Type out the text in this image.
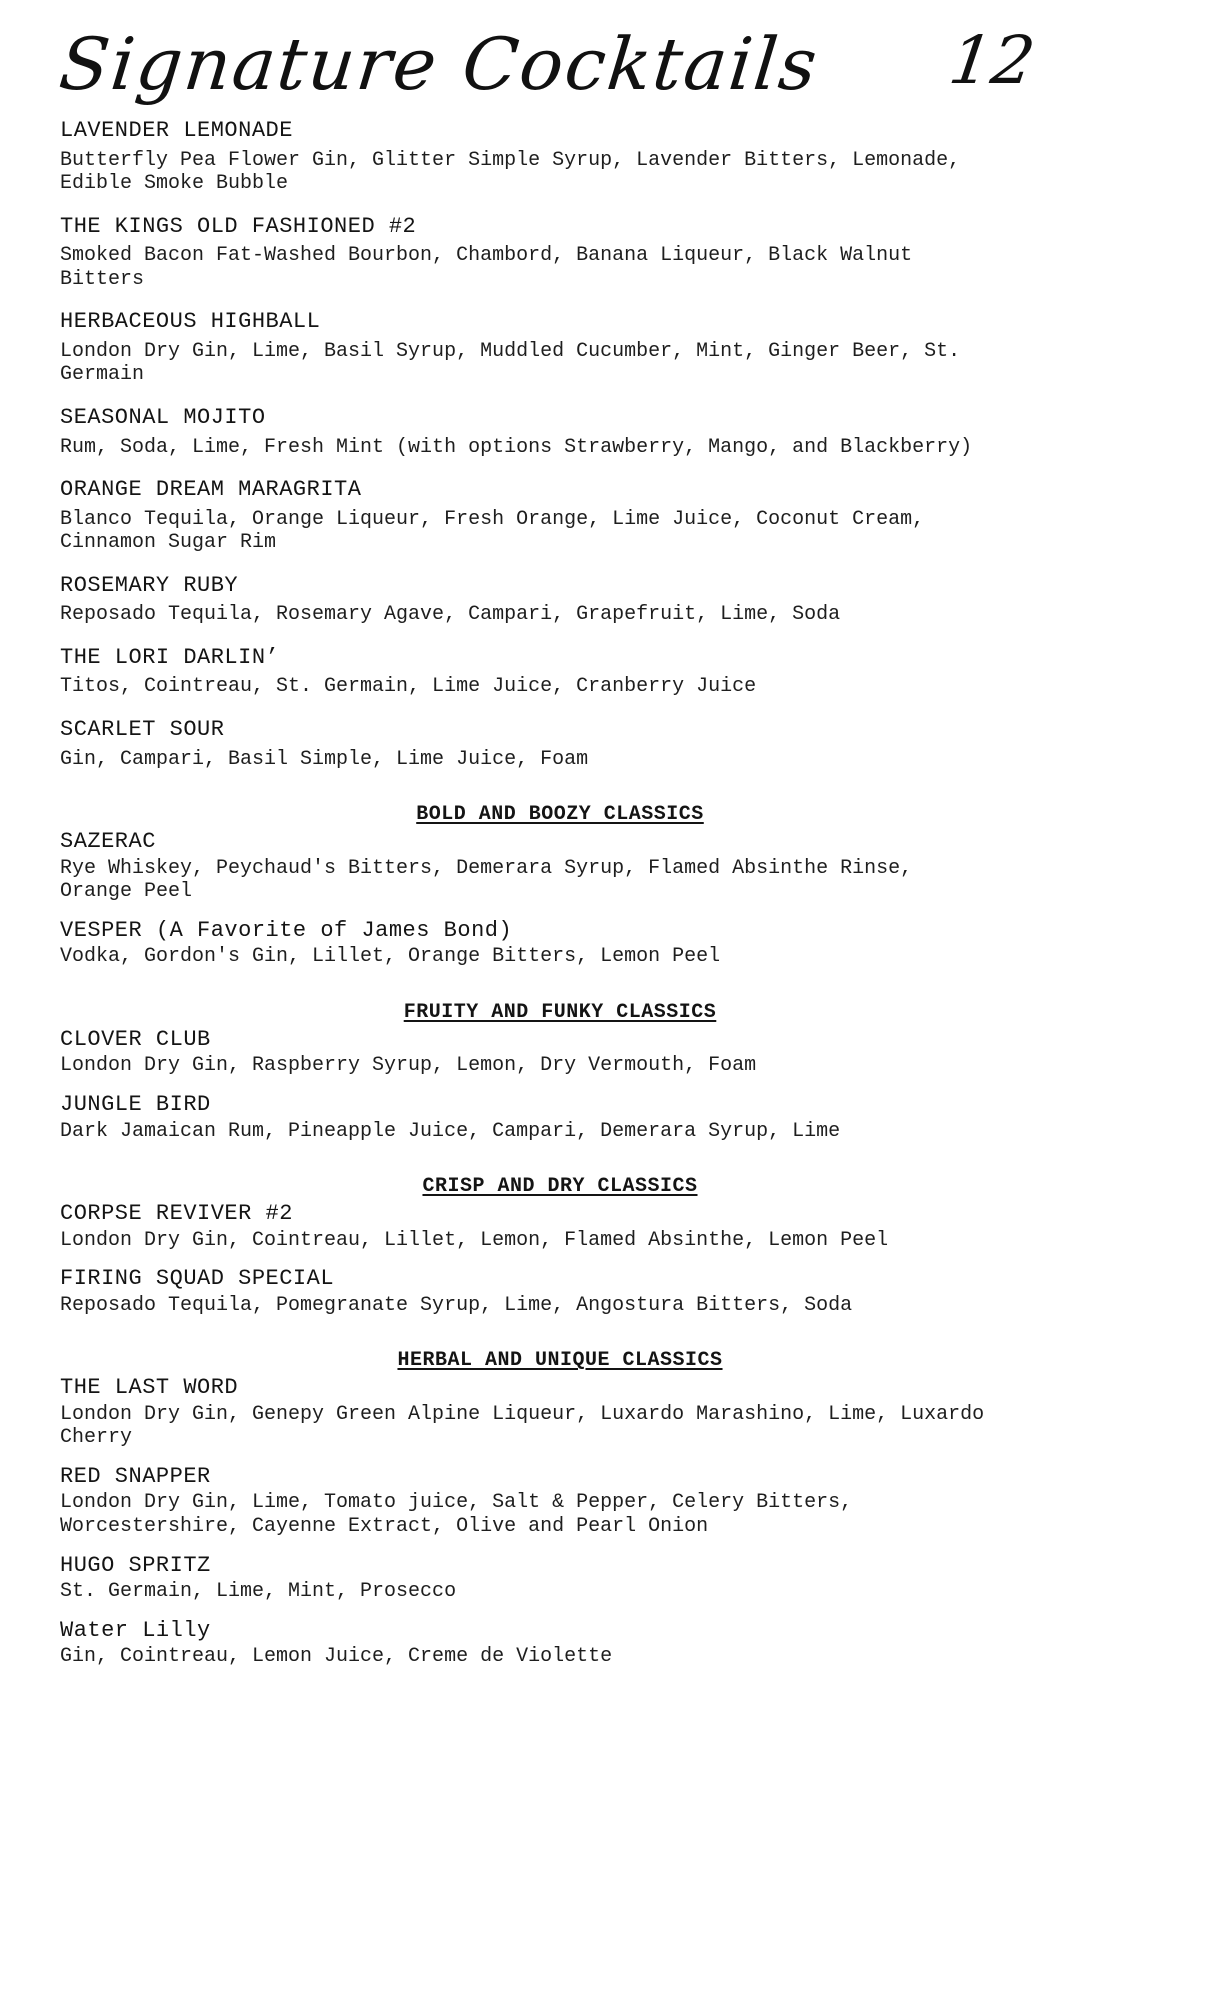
Signature Cocktails 12
LAVENDER LEMONADE
Butterfly Pea Flower Gin, Glitter Simple Syrup, Lavender Bitters, Lemonade, Edible Smoke Bubble
THE KINGS OLD FASHIONED #2
Smoked Bacon Fat-Washed Bourbon, Chambord, Banana Liqueur, Black Walnut Bitters
HERBACEOUS HIGHBALL
London Dry Gin, Lime, Basil Syrup, Muddled Cucumber, Mint, Ginger Beer, St. Germain
SEASONAL MOJITO
Rum, Soda, Lime, Fresh Mint (with options Strawberry, Mango, and Blackberry)
ORANGE DREAM MARAGRITA
Blanco Tequila, Orange Liqueur, Fresh Orange, Lime Juice, Coconut Cream, Cinnamon Sugar Rim
ROSEMARY RUBY
Reposado Tequila, Rosemary Agave, Campari, Grapefruit, Lime, Soda
THE LORI DARLIN’
Titos, Cointreau, St. Germain, Lime Juice, Cranberry Juice
SCARLET SOUR
Gin, Campari, Basil Simple, Lime Juice, Foam
BOLD AND BOOZY CLASSICS
SAZERAC
Rye Whiskey, Peychaud's Bitters, Demerara Syrup, Flamed Absinthe Rinse, Orange Peel
VESPER (A Favorite of James Bond)
Vodka, Gordon's Gin, Lillet, Orange Bitters, Lemon Peel
FRUITY AND FUNKY CLASSICS
CLOVER CLUB
London Dry Gin, Raspberry Syrup, Lemon, Dry Vermouth, Foam
JUNGLE BIRD
Dark Jamaican Rum, Pineapple Juice, Campari, Demerara Syrup, Lime
CRISP AND DRY CLASSICS
CORPSE REVIVER #2
London Dry Gin, Cointreau, Lillet, Lemon, Flamed Absinthe, Lemon Peel
FIRING SQUAD SPECIAL
Reposado Tequila, Pomegranate Syrup, Lime, Angostura Bitters, Soda
HERBAL AND UNIQUE CLASSICS
THE LAST WORD
London Dry Gin, Genepy Green Alpine Liqueur, Luxardo Marashino, Lime, Luxardo Cherry
RED SNAPPER
London Dry Gin, Lime, Tomato juice, Salt & Pepper, Celery Bitters, Worcestershire, Cayenne Extract, Olive and Pearl Onion
HUGO SPRITZ
St. Germain, Lime, Mint, Prosecco
Water Lilly
Gin, Cointreau, Lemon Juice, Creme de Violette
